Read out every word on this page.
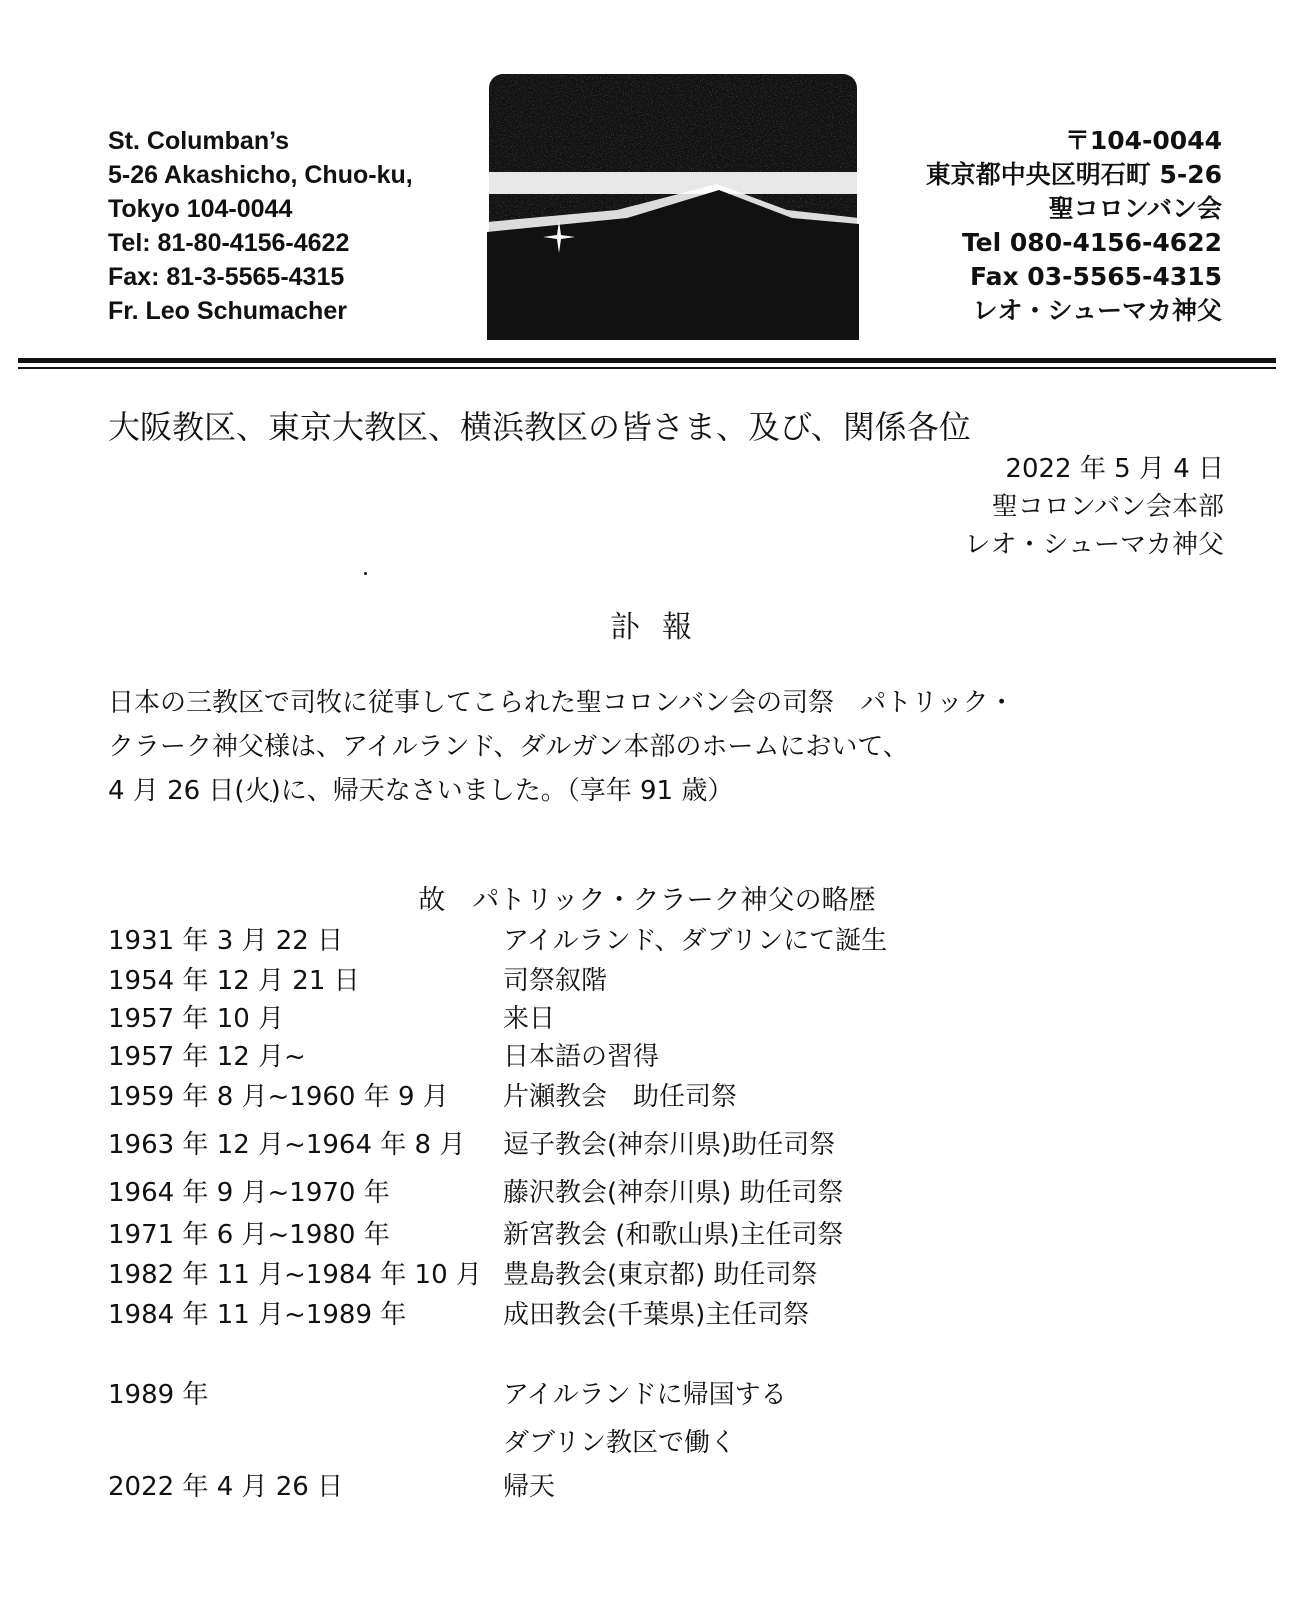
St. Columban’s
5-26 Akashicho, Chuo-ku,
Tokyo 104-0044
Tel: 81-80-4156-4622
Fax: 81-3-5565-4315
Fr. Leo Schumacher
〒104-0044
東京都中央区明石町 5-26
聖コロンバン会
Tel 080-4156-4622
Fax 03-5565-4315
レオ・シューマカ神父
大阪教区、東京大教区、横浜教区の皆さま、及び、関係各位
2022 年 5 月 4 日
聖コロンバン会本部
レオ・シューマカ神父
訃報
日本の三教区で司牧に従事してこられた聖コロンバン会の司祭　パトリック・
クラーク神父様は、アイルランド、ダルガン本部のホームにおいて、
4 月 26 日(火)に、帰天なさいました。（享年 91 歳）
故　パトリック・クラーク神父の略歴
1931 年 3 月 22 日	アイルランド、ダブリンにて誕生
1954 年 12 月 21 日	司祭叙階
1957 年 10 月	来日
1957 年 12 月~	日本語の習得
1959 年 8 月~1960 年 9 月 片瀬教会　助任司祭
1963 年 12 月~1964 年 8 月 逗子教会(神奈川県)助任司祭
1964 年 9 月~1970 年	藤沢教会(神奈川県) 助任司祭
1971 年 6 月~1980 年	新宮教会 (和歌山県)主任司祭
1982 年 11 月~1984 年 10 月 豊島教会(東京都) 助任司祭
1984 年 11 月~1989 年	成田教会(千葉県)主任司祭
1989 年	アイルランドに帰国する
ダブリン教区で働く
2022 年 4 月 26 日	帰天
